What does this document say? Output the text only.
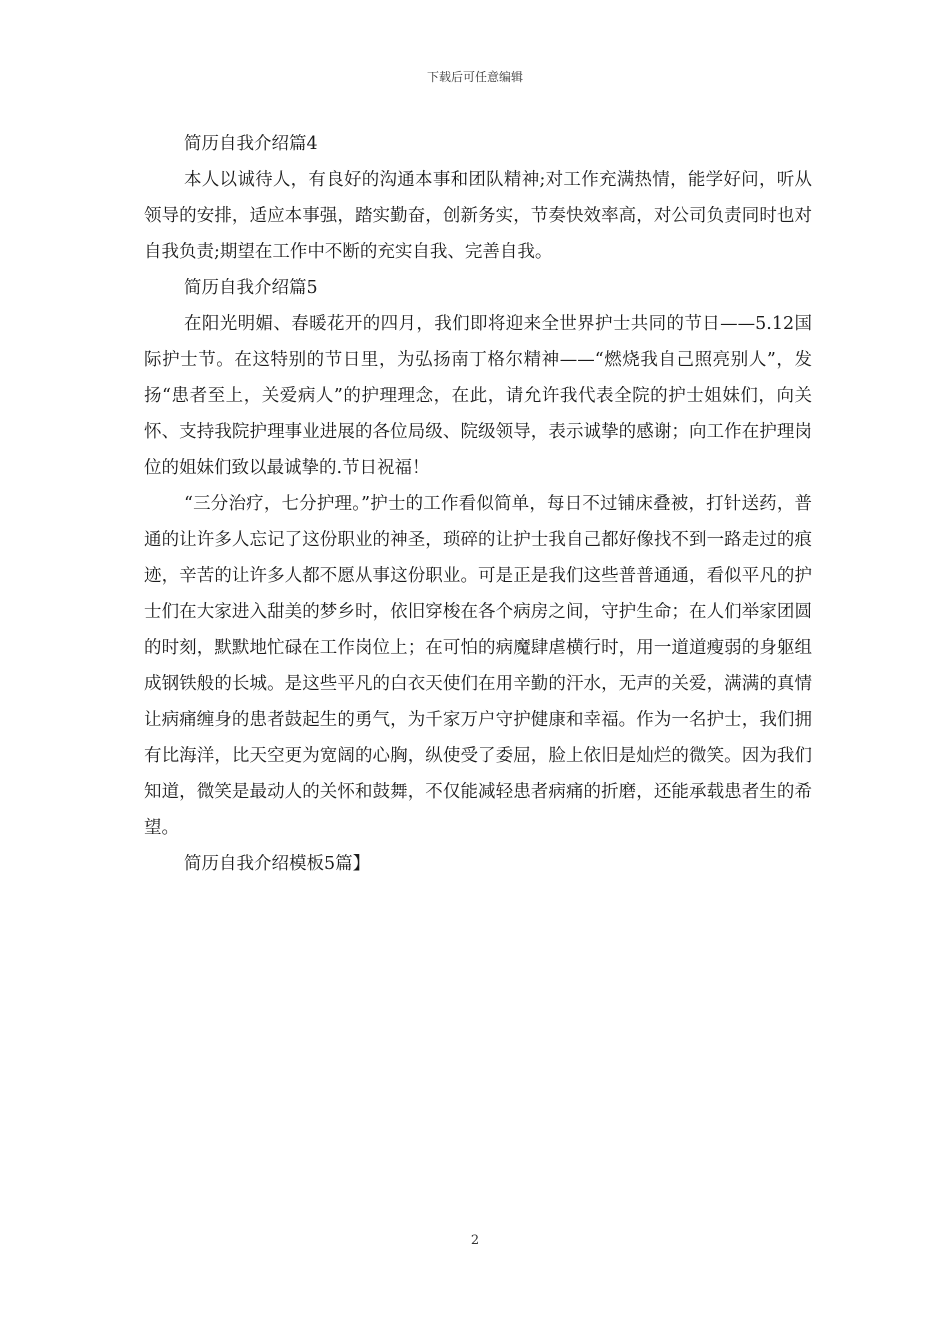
下载后可任意编辑
简历自我介绍篇4

本人以诚待人，有良好的沟通本事和团队精神;对工作充满热情，能学好问，听从领导的安排，适应本事强，踏实勤奋，创新务实，节奏快效率高，对公司负责同时也对自我负责;期望在工作中不断的充实自我、完善自我。

简历自我介绍篇5

在阳光明媚、春暖花开的四月，我们即将迎来全世界护士共同的节日——5.12国际护士节。在这特别的节日里，为弘扬南丁格尔精神——“燃烧我自己照亮别人”，发扬“患者至上，关爱病人”的护理理念，在此，请允许我代表全院的护士姐妹们，向关怀、支持我院护理事业进展的各位局级、院级领导，表示诚挚的感谢；向工作在护理岗位的姐妹们致以最诚挚的.节日祝福！

“三分治疗，七分护理。”护士的工作看似简单，每日不过铺床叠被，打针送药，普通的让许多人忘记了这份职业的神圣，琐碎的让护士我自己都好像找不到一路走过的痕迹，辛苦的让许多人都不愿从事这份职业。可是正是我们这些普普通通，看似平凡的护士们在大家进入甜美的梦乡时，依旧穿梭在各个病房之间，守护生命；在人们举家团圆的时刻，默默地忙碌在工作岗位上；在可怕的病魔肆虐横行时，用一道道瘦弱的身躯组成钢铁般的长城。是这些平凡的白衣天使们在用辛勤的汗水，无声的关爱，满满的真情让病痛缠身的患者鼓起生的勇气，为千家万户守护健康和幸福。作为一名护士，我们拥有比海洋，比天空更为宽阔的心胸，纵使受了委屈，脸上依旧是灿烂的微笑。因为我们知道，微笑是最动人的关怀和鼓舞，不仅能减轻患者病痛的折磨，还能承载患者生的希望。

简历自我介绍模板5篇】
2
